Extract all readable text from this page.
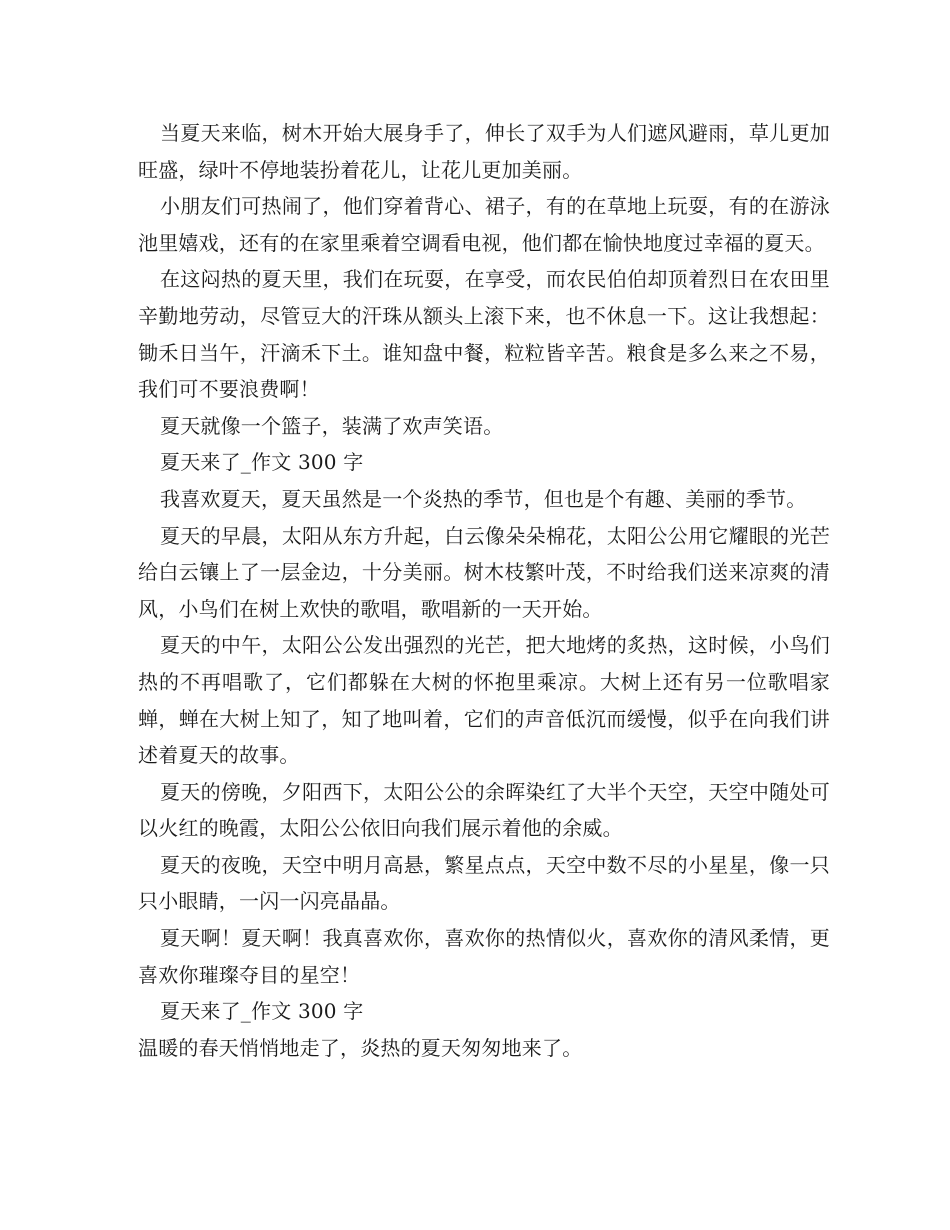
当夏天来临，树木开始大展身手了，伸长了双手为人们遮风避雨，草儿更加旺盛，绿叶不停地装扮着花儿，让花儿更加美丽。

小朋友们可热闹了，他们穿着背心、裙子，有的在草地上玩耍，有的在游泳池里嬉戏，还有的在家里乘着空调看电视，他们都在愉快地度过幸福的夏天。

在这闷热的夏天里，我们在玩耍，在享受，而农民伯伯却顶着烈日在农田里辛勤地劳动，尽管豆大的汗珠从额头上滚下来，也不休息一下。这让我想起：锄禾日当午，汗滴禾下土。谁知盘中餐，粒粒皆辛苦。粮食是多么来之不易，我们可不要浪费啊！

夏天就像一个篮子，装满了欢声笑语。

夏天来了_作文 300 字

我喜欢夏天，夏天虽然是一个炎热的季节，但也是个有趣、美丽的季节。

夏天的早晨，太阳从东方升起，白云像朵朵棉花，太阳公公用它耀眼的光芒给白云镶上了一层金边，十分美丽。树木枝繁叶茂，不时给我们送来凉爽的清风，小鸟们在树上欢快的歌唱，歌唱新的一天开始。

夏天的中午，太阳公公发出强烈的光芒，把大地烤的炙热，这时候，小鸟们热的不再唱歌了，它们都躲在大树的怀抱里乘凉。大树上还有另一位歌唱家蝉，蝉在大树上知了，知了地叫着，它们的声音低沉而缓慢，似乎在向我们讲述着夏天的故事。

夏天的傍晚，夕阳西下，太阳公公的余晖染红了大半个天空，天空中随处可以火红的晚霞，太阳公公依旧向我们展示着他的余威。

夏天的夜晚，天空中明月高悬，繁星点点，天空中数不尽的小星星，像一只只小眼睛，一闪一闪亮晶晶。

夏天啊！夏天啊！我真喜欢你，喜欢你的热情似火，喜欢你的清风柔情，更喜欢你璀璨夺目的星空！

夏天来了_作文 300 字

温暖的春天悄悄地走了，炎热的夏天匆匆地来了。
